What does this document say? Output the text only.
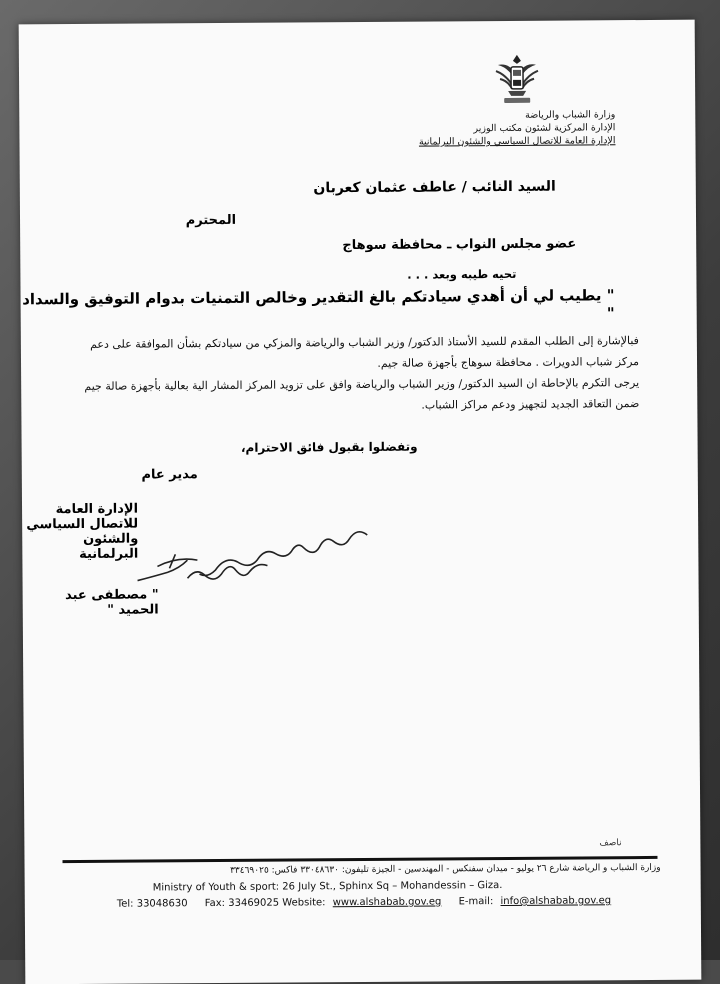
وزارة الشباب والرياضة
الإدارة المركزية لشئون مكتب الوزير
الإدارة العامة للاتصال السياسي والشئون البرلمانية
السيد النائب / عاطف عثمان كعربان
المحترم
عضو مجلس النواب ـ محافظة سوهاج
تحيه طيبه وبعد . . .
" يطيب لي أن أهدي سيادتكم بالغ التقدير وخالص التمنيات بدوام التوفيق والسداد "
فبالإشارة إلى الطلب المقدم للسيد الأستاذ الدكتور/ وزير الشباب والرياضة والمزكي من سيادتكم بشأن الموافقة على دعم مركز شباب الدويرات . محافظة سوهاج بأجهزة صالة جيم.
يرجى التكرم بالإحاطة ان السيد الدكتور/ وزير الشباب والرياضة وافق على تزويد المركز المشار الية بعالية بأجهزة صالة جيم ضمن التعاقد الجديد لتجهيز ودعم مراكز الشباب.
وتفضلوا بقبول فائق الاحترام،
مدير عام
الإدارة العامة للاتصال السياسي
والشئون البرلمانية
" مصطفى عبد الحميد "
ناصف
وزارة الشباب و الرياضة شارع ٢٦ يوليو - ميدان سفنكس - المهندسين - الجيزة تليفون: ٣٣٠٤٨٦٣٠ فاكس: ٣٣٤٦٩٠٢٥
Ministry of Youth & sport: 26 July St., Sphinx Sq – Mohandessin – Giza.
Tel: 33048630 Fax: 33469025 Website: www.alshabab.gov.eg E-mail: info@alshabab.gov.eg
